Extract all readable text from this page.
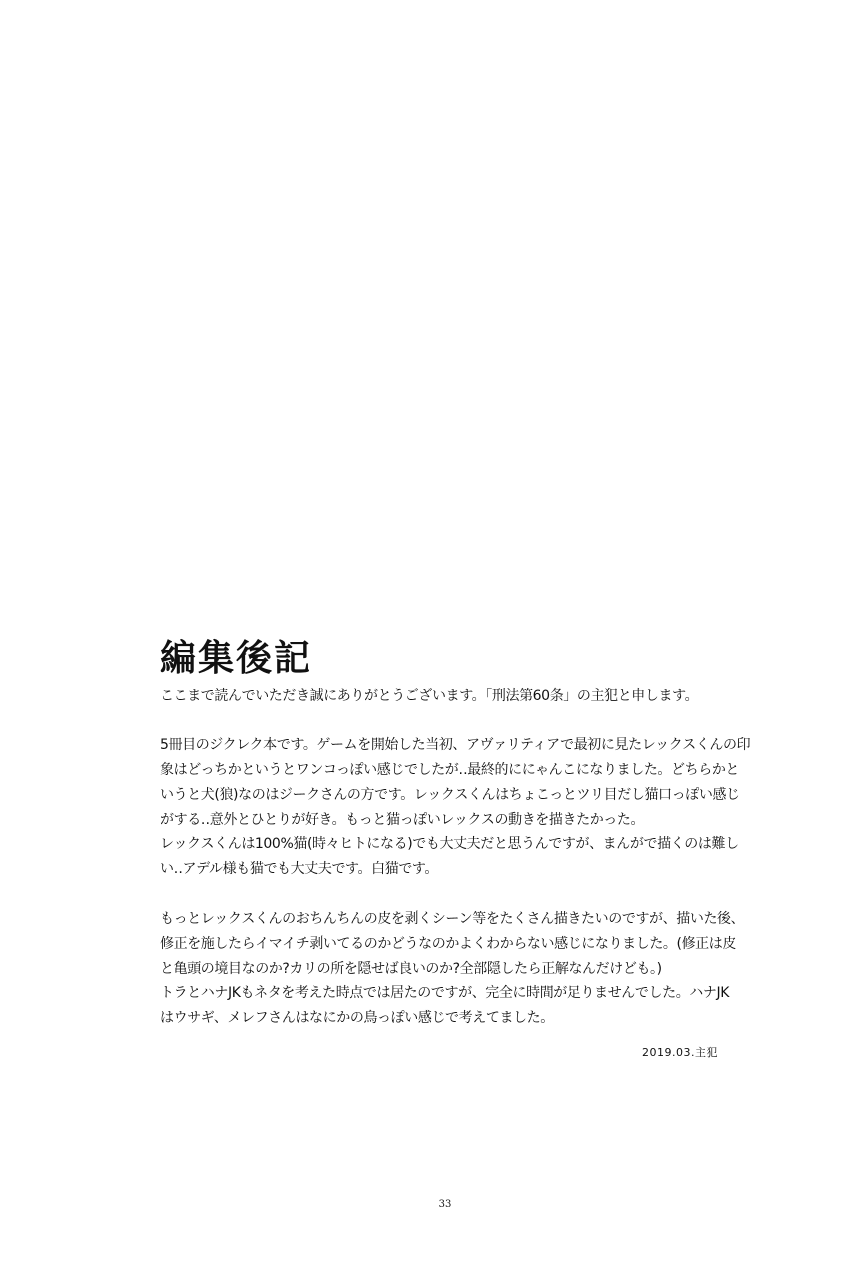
編集後記

ここまで読んでいただき誠にありがとうございます。「刑法第60条」の主犯と申します。

5冊目のジクレク本です。ゲームを開始した当初、アヴァリティアで最初に見たレックスくんの印

象はどっちかというとワンコっぽい感じでしたが‥最終的ににゃんこになりました。どちらかと

いうと犬(狼)なのはジークさんの方です。レックスくんはちょこっとツリ目だし猫口っぽい感じ

がする‥意外とひとりが好き。もっと猫っぽいレックスの動きを描きたかった。

レックスくんは100%猫(時々ヒトになる)でも大丈夫だと思うんですが、まんがで描くのは難し

い‥アデル様も猫でも大丈夫です。白猫です。

もっとレックスくんのおちんちんの皮を剥くシーン等をたくさん描きたいのですが、描いた後、

修正を施したらイマイチ剥いてるのかどうなのかよくわからない感じになりました。(修正は皮

と亀頭の境目なのか?カリの所を隠せば良いのか?全部隠したら正解なんだけども。)

トラとハナJKもネタを考えた時点では居たのですが、完全に時間が足りませんでした。ハナJK

はウサギ、メレフさんはなにかの鳥っぽい感じで考えてました。

2019.03.主犯
33
